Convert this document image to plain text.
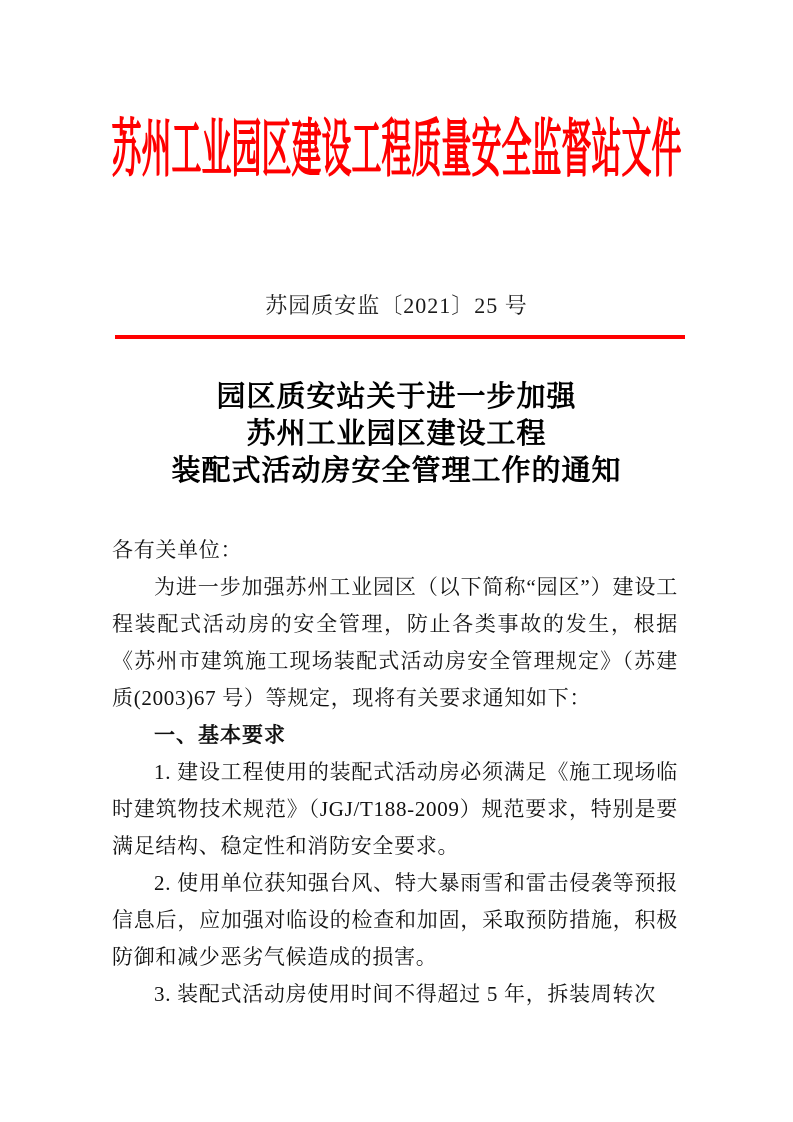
苏州工业园区建设工程质量安全监督站文件
苏园质安监〔2021〕25 号
园区质安站关于进一步加强
苏州工业园区建设工程
装配式活动房安全管理工作的通知

各有关单位：

为进一步加强苏州工业园区（以下简称“园区”）建设工程装配式活动房的安全管理，防止各类事故的发生，根据《苏州市建筑施工现场装配式活动房安全管理规定》（苏建质(2003)67 号）等规定，现将有关要求通知如下：

一、基本要求

1. 建设工程使用的装配式活动房必须满足《施工现场临时建筑物技术规范》（JGJ/T188-2009）规范要求，特别是要满足结构、稳定性和消防安全要求。

2. 使用单位获知强台风、特大暴雨雪和雷击侵袭等预报信息后，应加强对临设的检查和加固，采取预防措施，积极防御和减少恶劣气候造成的损害。

3. 装配式活动房使用时间不得超过 5 年，拆装周转次
